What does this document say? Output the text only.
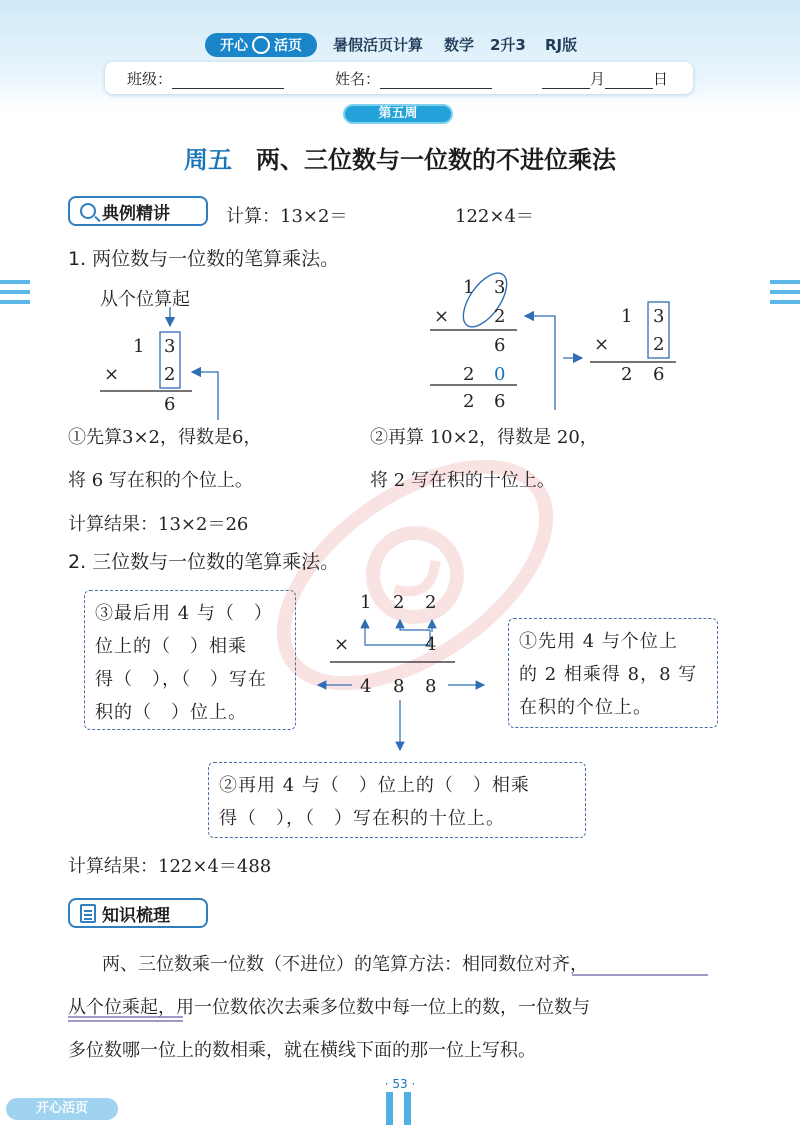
开心 活页 暑假活页计算 数学 2升3 RJ版
班级：	姓名：	月	日
第五周
周五 两、三位数与一位数的不进位乘法
典例精讲	计算：13×2＝	122×4＝
1. 两位数与一位数的笔算乘法。
从个位算起
1 3
× 2
6
1 3
× 2
6
2 0
2 6
1 3
× 2
2 6
①先算3×2，得数是6，
将 6 写在积的个位上。
②再算 10×2，得数是 20，
将 2 写在积的十位上。
计算结果：13×2＝26
2. 三位数与一位数的笔算乘法。
1 2 2
×	4
4 8 8
③最后用 4 与（　）
位上的（　）相乘
得（　），（　）写在
积的（　）位上。
①先用 4 与个位上
的 2 相乘得 8，8 写
在积的个位上。
②再用 4 与（　）位上的（　）相乘
得（　），（　）写在积的十位上。
计算结果：122×4＝488
知识梳理
两、三位数乘一位数（不进位）的笔算方法：相同数位对齐，
从个位乘起，用一位数依次去乘多位数中每一位上的数，一位数与
多位数哪一位上的数相乘，就在横线下面的那一位上写积。
· 53 ·
开心活页
